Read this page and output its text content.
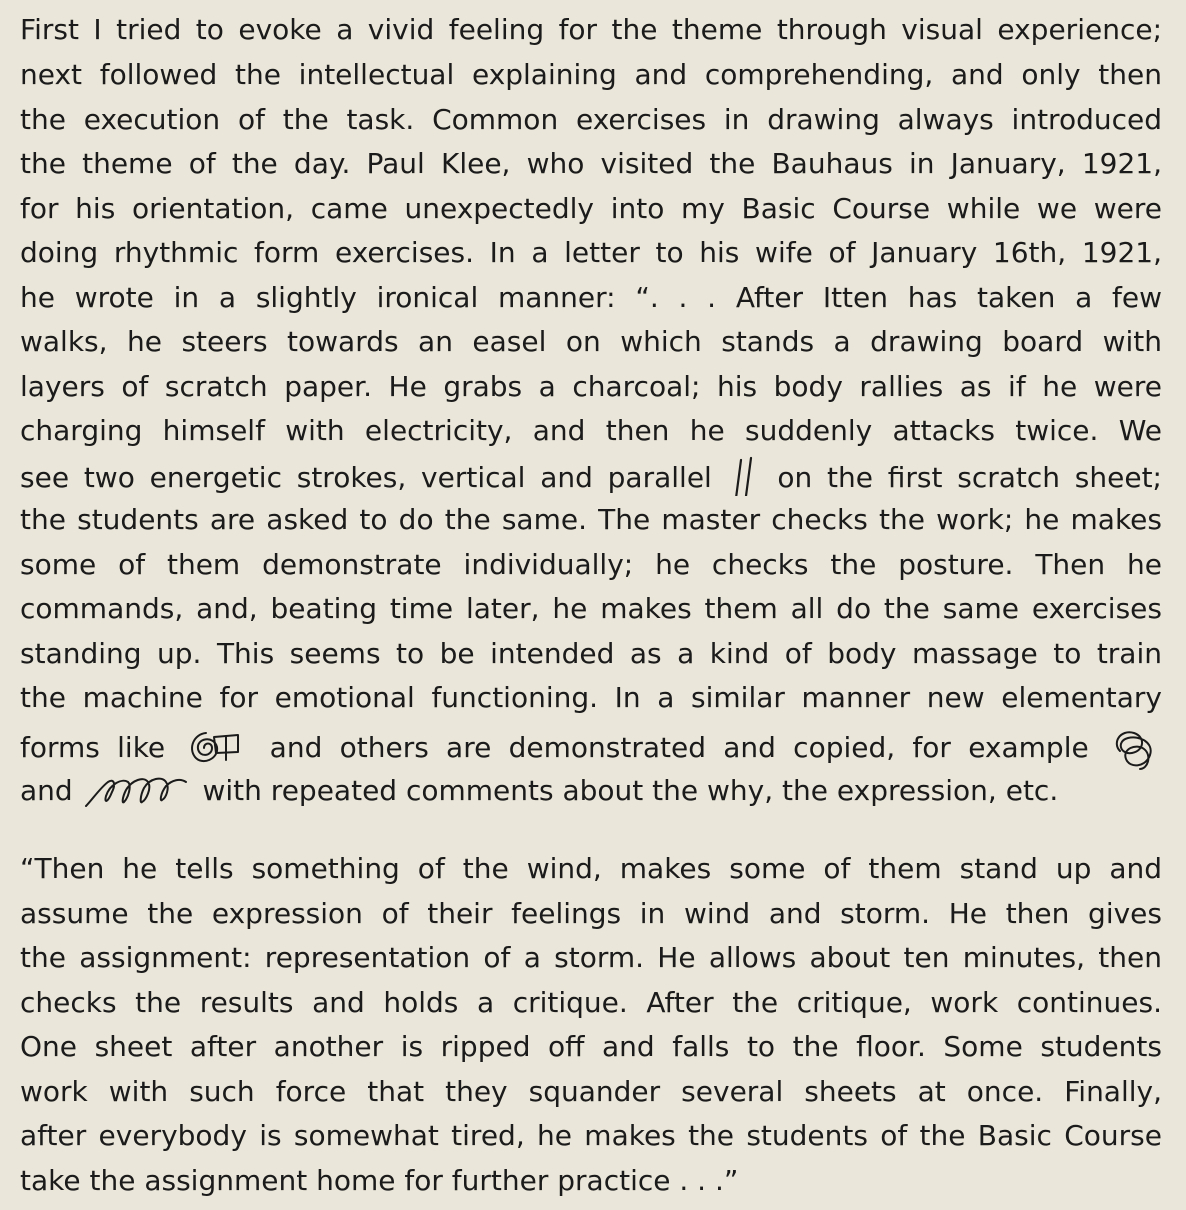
First I tried to evoke a vivid feeling for the theme through visual experience;
next followed the intellectual explaining and comprehending, and only then
the execution of the task. Common exercises in drawing always introduced
the theme of the day. Paul Klee, who visited the Bauhaus in January, 1921,
for his orientation, came unexpectedly into my Basic Course while we were
doing rhythmic form exercises. In a letter to his wife of January 16th, 1921,
he wrote in a slightly ironical manner: “. . . After Itten has taken a few
walks, he steers towards an easel on which stands a drawing board with
layers of scratch paper. He grabs a charcoal; his body rallies as if he were
charging himself with electricity, and then he suddenly attacks twice. We
see two energetic strokes, vertical and parallel on the first scratch sheet;
the students are asked to do the same. The master checks the work; he makes
some of them demonstrate individually; he checks the posture. Then he
commands, and, beating time later, he makes them all do the same exercises
standing up. This seems to be intended as a kind of body massage to train
the machine for emotional functioning. In a similar manner new elementary
forms like	and others are demonstrated and copied, for example
and	with repeated comments about the why, the expression, etc.
“Then he tells something of the wind, makes some of them stand up and
assume the expression of their feelings in wind and storm. He then gives
the assignment: representation of a storm. He allows about ten minutes, then
checks the results and holds a critique. After the critique, work continues.
One sheet after another is ripped off and falls to the floor. Some students
work with such force that they squander several sheets at once. Finally,
after everybody is somewhat tired, he makes the students of the Basic Course
take the assignment home for further practice . . .”
